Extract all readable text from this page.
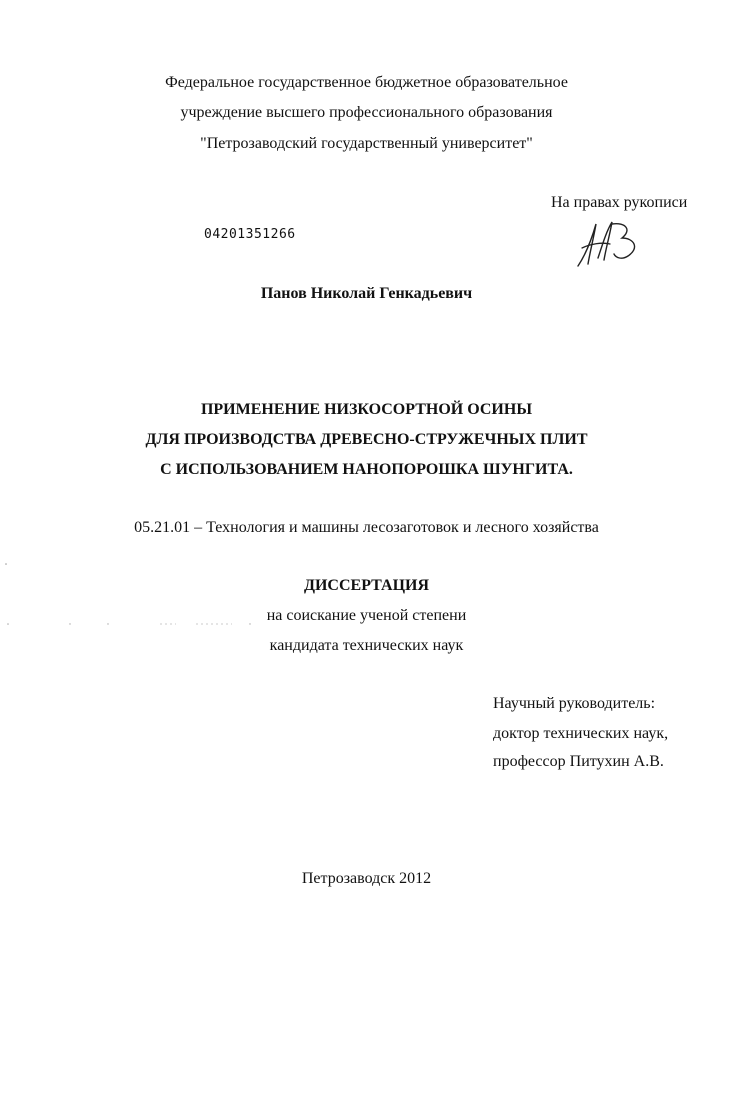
Федеральное государственное бюджетное образовательное
учреждение высшего профессионального образования
"Петрозаводский государственный университет"
На правах рукописи
04201351266
Панов Николай Генкадьевич
ПРИМЕНЕНИЕ НИЗКОСОРТНОЙ ОСИНЫ
ДЛЯ ПРОИЗВОДСТВА ДРЕВЕСНО-СТРУЖЕЧНЫХ ПЛИТ
С ИСПОЛЬЗОВАНИЕМ НАНОПОРОШКА ШУНГИТА.
05.21.01 – Технология и машины лесозаготовок и лесного хозяйства
ДИССЕРТАЦИЯ
на соискание ученой степени
кандидата технических наук
Научный руководитель:
доктор технических наук,
профессор Питухин А.В.
Петрозаводск 2012
